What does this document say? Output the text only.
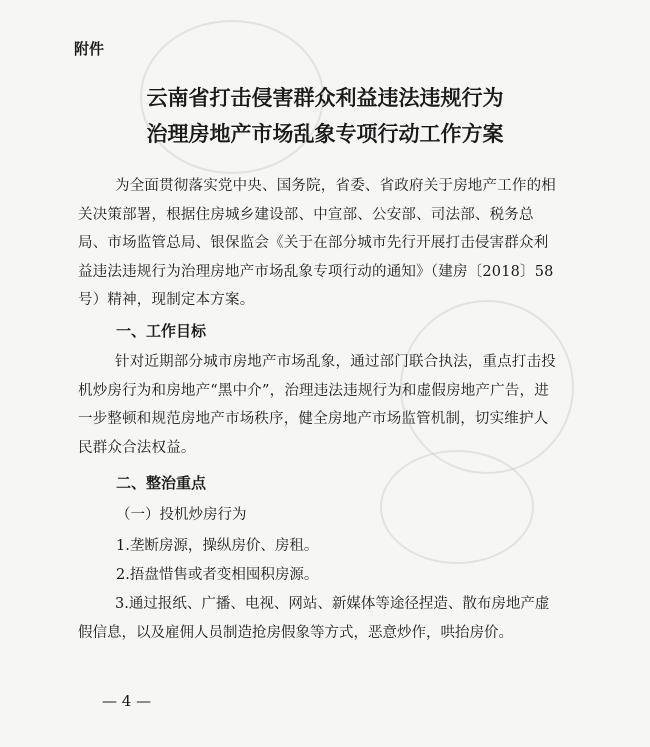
附件
云南省打击侵害群众利益违法违规行为
治理房地产市场乱象专项行动工作方案
为全面贯彻落实党中央、国务院，省委、省政府关于房地产工作的相关决策部署，根据住房城乡建设部、中宣部、公安部、司法部、税务总局、市场监管总局、银保监会《关于在部分城市先行开展打击侵害群众利益违法违规行为治理房地产市场乱象专项行动的通知》（建房〔2018〕58号）精神，现制定本方案。
一、工作目标
针对近期部分城市房地产市场乱象，通过部门联合执法，重点打击投机炒房行为和房地产“黑中介”，治理违法违规行为和虚假房地产广告，进一步整顿和规范房地产市场秩序，健全房地产市场监管机制，切实维护人民群众合法权益。
二、整治重点
（一）投机炒房行为
1.垄断房源，操纵房价、房租。
2.捂盘惜售或者变相囤积房源。
3.通过报纸、广播、电视、网站、新媒体等途径捏造、散布房地产虚假信息，以及雇佣人员制造抢房假象等方式，恶意炒作，哄抬房价。
— 4 —
